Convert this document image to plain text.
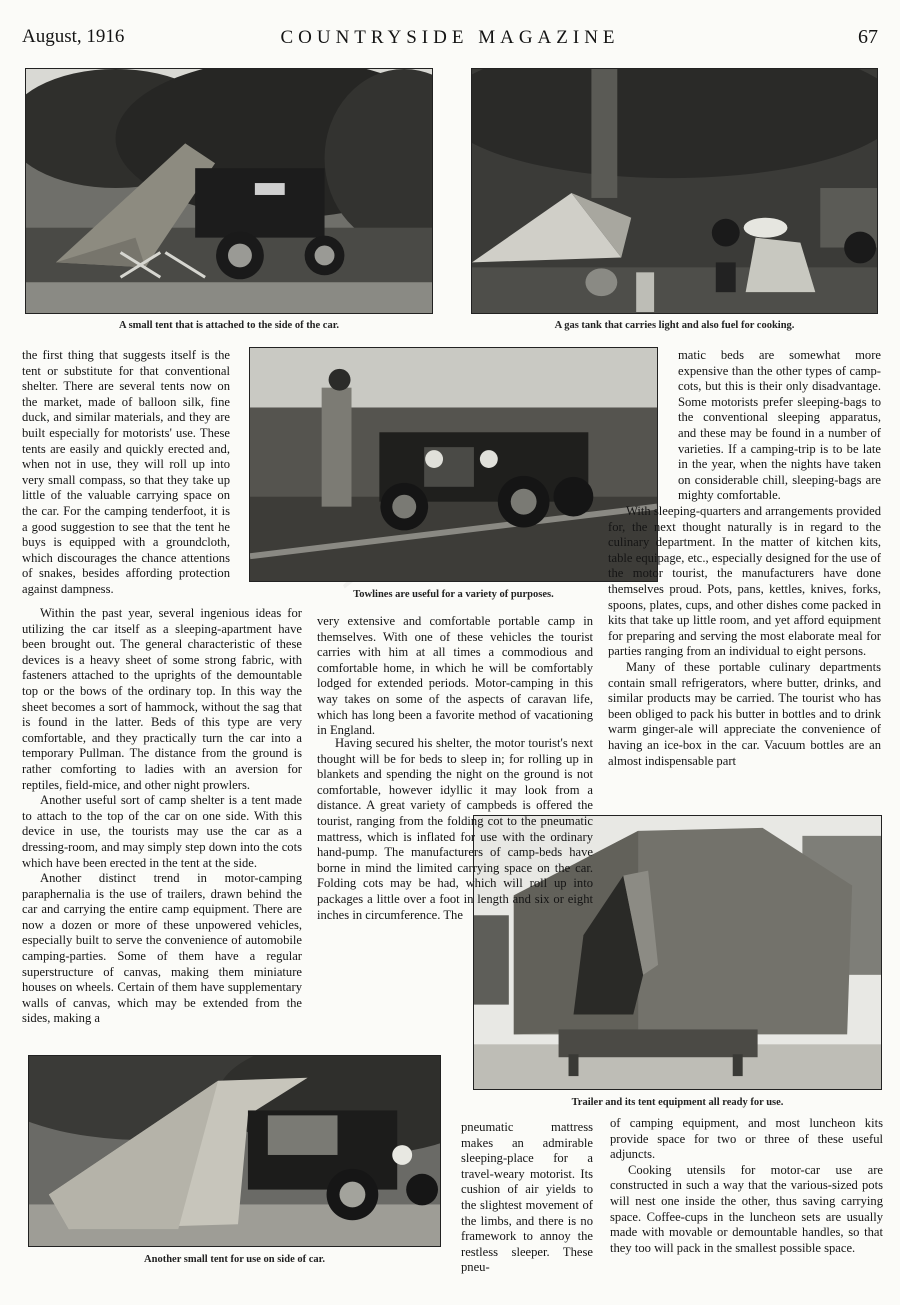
August, 1916	COUNTRYSIDE MAGAZINE	67
A small tent that is attached to the side of the car.	A gas tank that carries light and also fuel for cooking.
Towlines are useful for a variety of purposes.
Trailer and its tent equipment all ready for use.
Another small tent for use on side of car.

the first thing that suggests itself is the tent or substitute for that conventional shelter. There are several tents now on the market, made of balloon silk, fine duck, and similar materials, and they are built especially for motorists' use. These tents are easily and quickly erected and, when not in use, they will roll up into very small compass, so that they take up little of the valuable carrying space on the car. For the camping tenderfoot, it is a good suggestion to see that the tent he buys is equipped with a groundcloth, which discourages the chance attentions of snakes, besides affording protection against dampness.

Within the past year, several ingenious ideas for utilizing the car itself as a sleeping-apartment have been brought out. The general characteristic of these devices is a heavy sheet of some strong fabric, with fasteners attached to the uprights of the demountable top or the bows of the ordinary top. In this way the sheet becomes a sort of hammock, without the sag that is found in the latter. Beds of this type are very comfortable, and they practically turn the car into a temporary Pullman. The distance from the ground is rather comforting to ladies with an aversion for reptiles, field-mice, and other night prowlers.

Another useful sort of camp shelter is a tent made to attach to the top of the car on one side. With this device in use, the tourists may use the car as a dressing-room, and may simply step down into the cots which have been erected in the tent at the side.

Another distinct trend in motor-camping paraphernalia is the use of trailers, drawn behind the car and carrying the entire camp equipment. There are now a dozen or more of these unpowered vehicles, especially built to serve the convenience of automobile camping-parties. Some of them have a regular superstructure of canvas, making them miniature houses on wheels. Certain of them have supplementary walls of canvas, which may be extended from the sides, making a

very extensive and comfortable portable camp in themselves. With one of these vehicles the tourist carries with him at all times a commodious and comfortable home, in which he will be comfortably lodged for extended periods. Motor-camping in this way takes on some of the aspects of caravan life, which has long been a favorite method of vacationing in England.

Having secured his shelter, the motor tourist's next thought will be for beds to sleep in; for rolling up in blankets and spending the night on the ground is not comfortable, however idyllic it may look from a distance. A great variety of campbeds is offered the tourist, ranging from the folding cot to the pneumatic mattress, which is inflated for use with the ordinary hand-pump. The manufacturers of camp-beds have borne in mind the limited carrying space on the car. Folding cots may be had, which will roll up into packages a little over a foot in length and six or eight inches in circumference. The

pneumatic mattress makes an admirable sleeping-place for a travel-weary motorist. Its cushion of air yields to the slightest movement of the limbs, and there is no framework to annoy the restless sleeper. These pneu-

matic beds are somewhat more expensive than the other types of camp-cots, but this is their only disadvantage. Some motorists prefer sleeping-bags to the conventional sleeping apparatus, and these may be found in a number of varieties. If a camping-trip is to be late in the year, when the nights have taken on considerable chill, sleeping-bags are mighty comfortable.

With sleeping-quarters and arrangements provided for, the next thought naturally is in regard to the culinary department. In the matter of kitchen kits, table equipage, etc., especially designed for the use of the motor tourist, the manufacturers have done themselves proud. Pots, pans, kettles, knives, forks, spoons, plates, cups, and other dishes come packed in kits that take up little room, and yet afford equipment for preparing and serving the most elaborate meal for parties ranging from an individual to eight persons.

Many of these portable culinary departments contain small refrigerators, where butter, drinks, and similar products may be carried. The tourist who has been obliged to pack his butter in bottles and to drink warm ginger-ale will appreciate the convenience of having an ice-box in the car. Vacuum bottles are an almost indispensable part

of camping equipment, and most luncheon kits provide space for two or three of these useful adjuncts.

Cooking utensils for motor-car use are constructed in such a way that the various-sized pots will nest one inside the other, thus saving carrying space. Coffee-cups in the luncheon sets are usually made with movable or demountable handles, so that they too will pack in the smallest possible space.
